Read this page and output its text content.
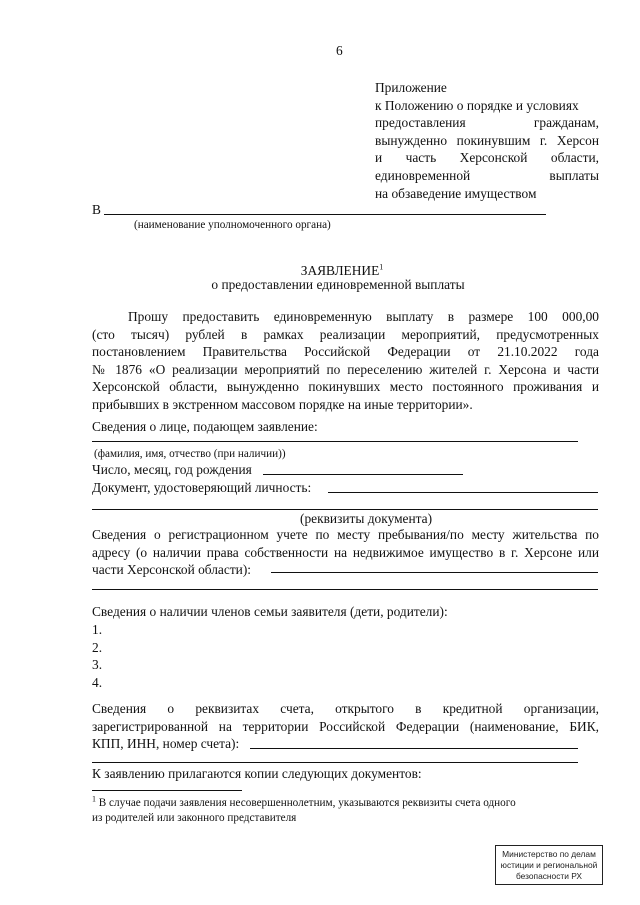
6
Приложение
к Положению о порядке и условиях
предоставления гражданам,
вынужденно покинувшим г. Херсон
и часть Херсонской области,
единовременной выплаты
на обзаведение имуществом
В
(наименование уполномоченного органа)
ЗАЯВЛЕНИЕ$^1$
о предоставлении единовременной выплаты
Прошу предоставить единовременную выплату в размере 100 000,00
(сто тысяч) рублей в рамках реализации мероприятий, предусмотренных
постановлением Правительства Российской Федерации от 21.10.2022 года
№ 1876 «О реализации мероприятий по переселению жителей г. Херсона и части
Херсонской области, вынужденно покинувших место постоянного проживания и
прибывших в экстренном массовом порядке на иные территории».
Сведения о лице, подающем заявление:
(фамилия, имя, отчество (при наличии))
Число, месяц, год рождения
Документ, удостоверяющий личность:
(реквизиты документа)
Сведения о регистрационном учете по месту пребывания/по месту жительства по
адресу (о наличии права собственности на недвижимое имущество в г. Херсоне или
части Херсонской области):
Сведения о наличии членов семьи заявителя (дети, родители):
1.
2.
3.
4.
Сведения о реквизитах счета, открытого в кредитной организации,
зарегистрированной на территории Российской Федерации (наименование, БИК,
КПП, ИНН, номер счета):
К заявлению прилагаются копии следующих документов:
$^1$ В случае подачи заявления несовершеннолетним, указываются реквизиты счета одного
из родителей или законного представителя
Министерство по делам
юстиции и региональной
безопасности РХ
